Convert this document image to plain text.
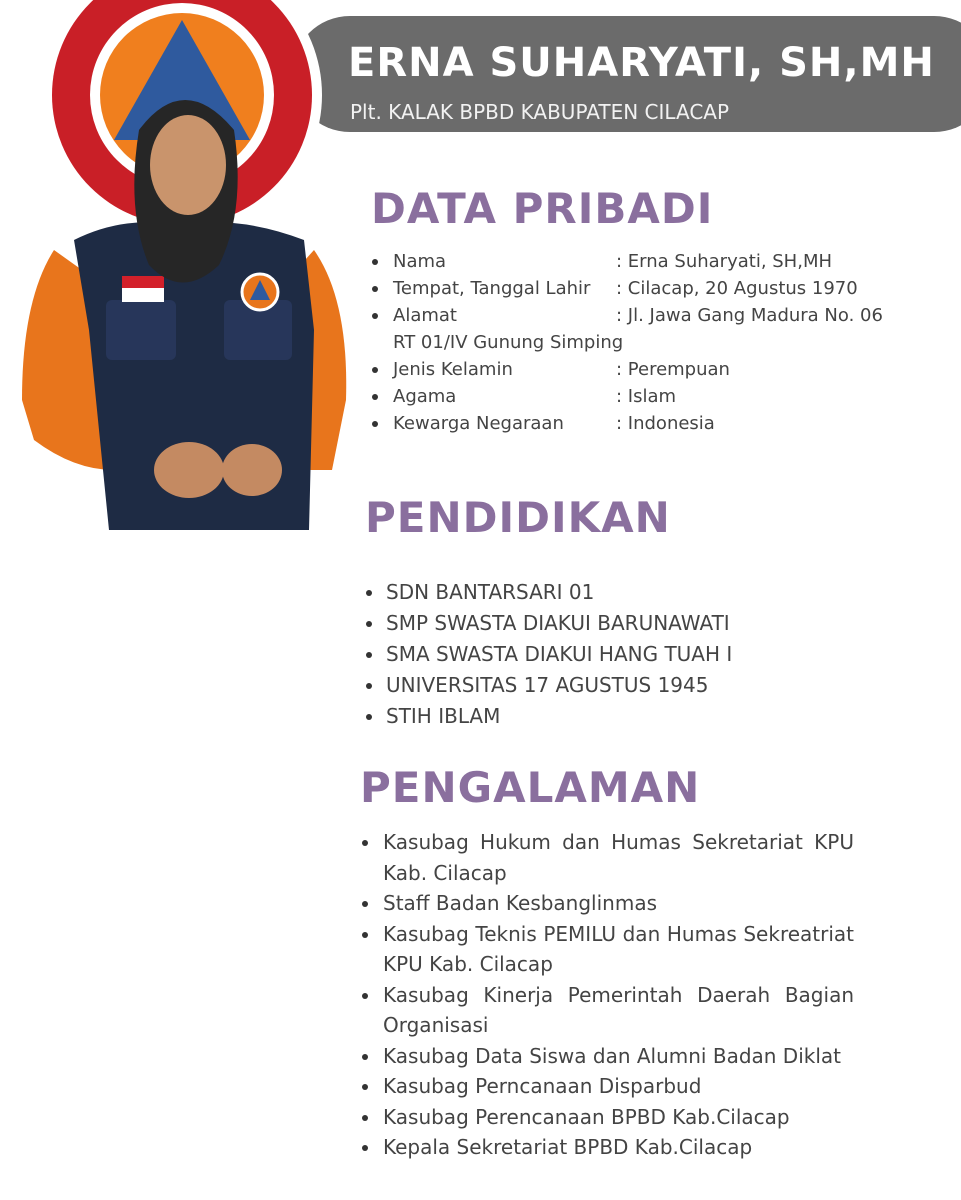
ERNA SUHARYATI, SH,MH
Plt. KALAK BPBD KABUPATEN CILACAP
DATA PRIBADI
Nama	: Erna Suharyati, SH,MH
Tempat, Tanggal Lahir : Cilacap, 20 Agustus 1970
Alamat	: Jl. Jawa Gang Madura No. 06
RT 01/IV Gunung Simping
Jenis Kelamin	: Perempuan
Agama	: Islam
Kewarga Negaraan	: Indonesia
PENDIDIKAN
SDN BANTARSARI 01
SMP SWASTA DIAKUI BARUNAWATI
SMA SWASTA DIAKUI HANG TUAH I
UNIVERSITAS 17 AGUSTUS 1945
STIH IBLAM
PENGALAMAN
Kasubag Hukum dan Humas Sekretariat KPU Kab. Cilacap
Staff Badan Kesbanglinmas
Kasubag Teknis PEMILU dan Humas Sekreatriat KPU Kab. Cilacap
Kasubag Kinerja Pemerintah Daerah Bagian Organisasi
Kasubag Data Siswa dan Alumni Badan Diklat
Kasubag Perncanaan Disparbud
Kasubag Perencanaan BPBD Kab.Cilacap
Kepala Sekretariat BPBD Kab.Cilacap
